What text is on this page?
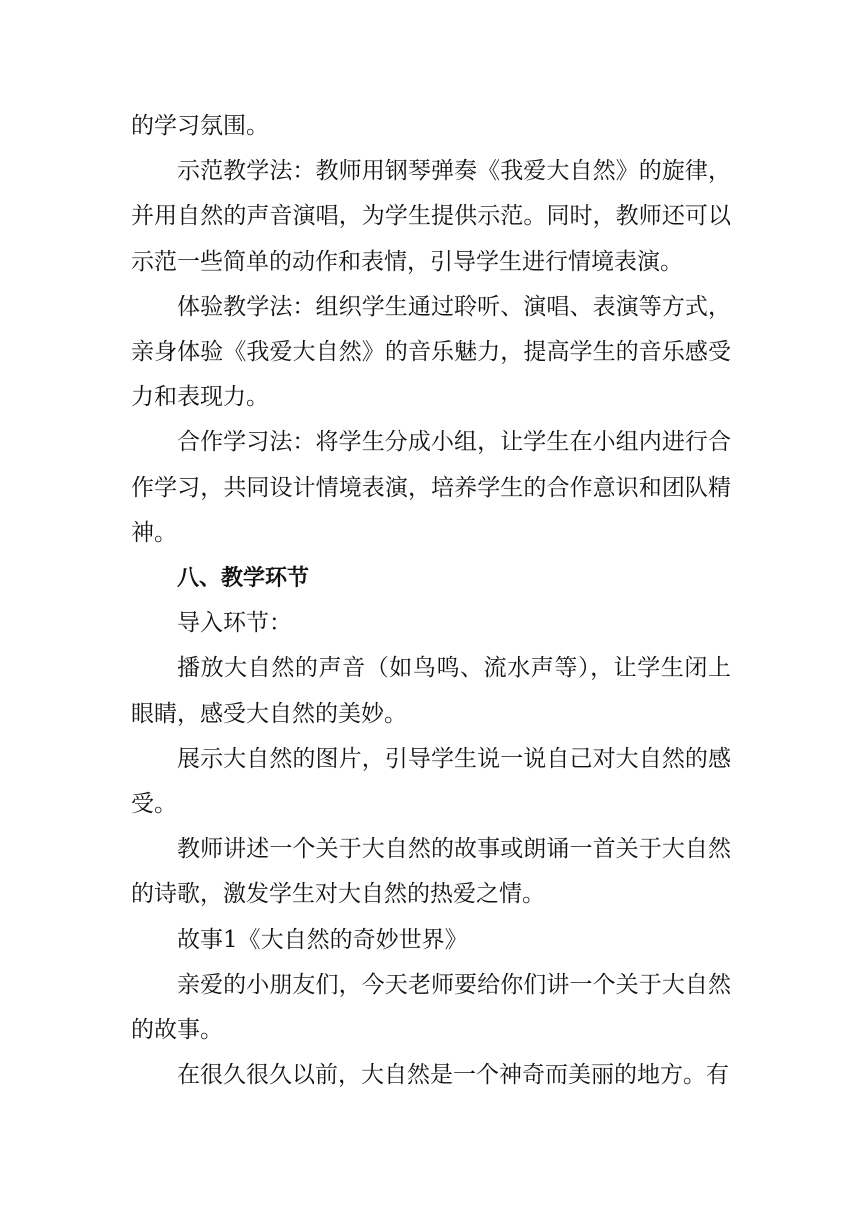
的学习氛围。

示范教学法：教师用钢琴弹奏《我爱大自然》的旋律，并用自然的声音演唱，为学生提供示范。同时，教师还可以示范一些简单的动作和表情，引导学生进行情境表演。

体验教学法：组织学生通过聆听、演唱、表演等方式，亲身体验《我爱大自然》的音乐魅力，提高学生的音乐感受力和表现力。

合作学习法：将学生分成小组，让学生在小组内进行合作学习，共同设计情境表演，培养学生的合作意识和团队精神。

八、教学环节

导入环节：

播放大自然的声音（如鸟鸣、流水声等），让学生闭上眼睛，感受大自然的美妙。

展示大自然的图片，引导学生说一说自己对大自然的感受。

教师讲述一个关于大自然的故事或朗诵一首关于大自然的诗歌，激发学生对大自然的热爱之情。

故事1《大自然的奇妙世界》

亲爱的小朋友们，今天老师要给你们讲一个关于大自然的故事。

在很久很久以前，大自然是一个神奇而美丽的地方。有
